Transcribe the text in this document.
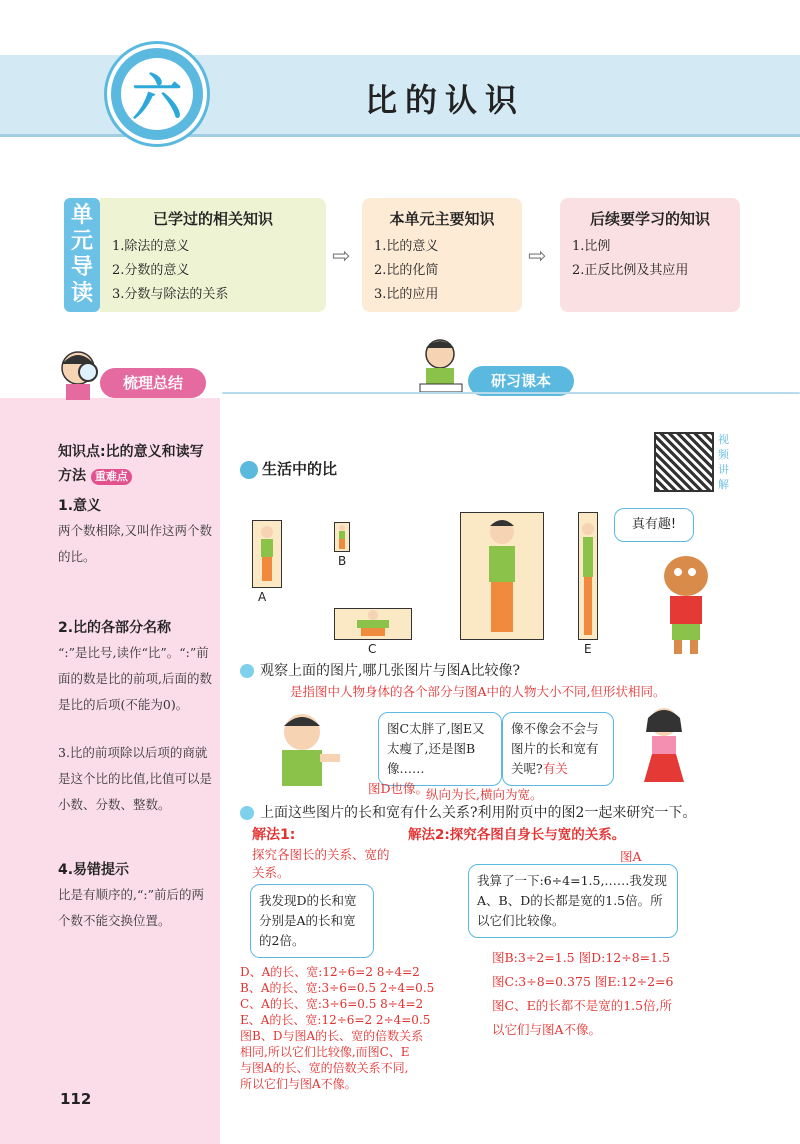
六	比的认识
单
元
导
读
已学过的相关知识
1.除法的意义
2.分数的意义
3.分数与除法的关系
⇨
本单元主要知识
1.比的意义
2.比的化简
3.比的应用
⇨
后续要学习的知识
1.比例
2.正反比例及其应用
梳理总结
知识点:比的意义和读写方法 重难点
1.意义
两个数相除,又叫作这两个数的比。
2.比的各部分名称
“:”是比号,读作“比”。“:”前面的数是比的前项,后面的数是比的后项(不能为0)。
3.比的前项除以后项的商就是这个比的比值,比值可以是小数、分数、整数。
4.易错提示
比是有顺序的,“:”前后的两个数不能交换位置。
研习课本
生活中的比
视频讲解
A
B
C	E
真有趣!
观察上面的图片,哪几张图片与图A比较像?
是指图中人物身体的各个部分与图A中的人物大小不同,但形状相同。
图C太胖了,图E又太瘦了,还是图B像……
图D也像。
像不像会不会与图片的长和宽有关呢?有关
纵向为长,横向为宽。
上面这些图片的长和宽有什么关系?利用附页中的图2一起来研究一下。
解法1:
探究各图长的关系、宽的关系。
我发现D的长和宽分别是A的长和宽的2倍。
D、A的长、宽:12÷6=2 8÷4=2
B、A的长、宽:3÷6=0.5 2÷4=0.5
C、A的长、宽:3÷6=0.5 8÷4=2
E、A的长、宽:12÷6=2 2÷4=0.5
图B、D与图A的长、宽的倍数关系
相同,所以它们比较像,而图C、E
与图A的长、宽的倍数关系不同,
所以它们与图A不像。
解法2:探究各图自身长与宽的关系。
图A
我算了一下:6÷4=1.5,……我发现A、B、D的长都是宽的1.5倍。所以它们比较像。
图B:3÷2=1.5 图D:12÷8=1.5
图C:3÷8=0.375 图E:12÷2=6
图C、E的长都不是宽的1.5倍,所
以它们与图A不像。
112
